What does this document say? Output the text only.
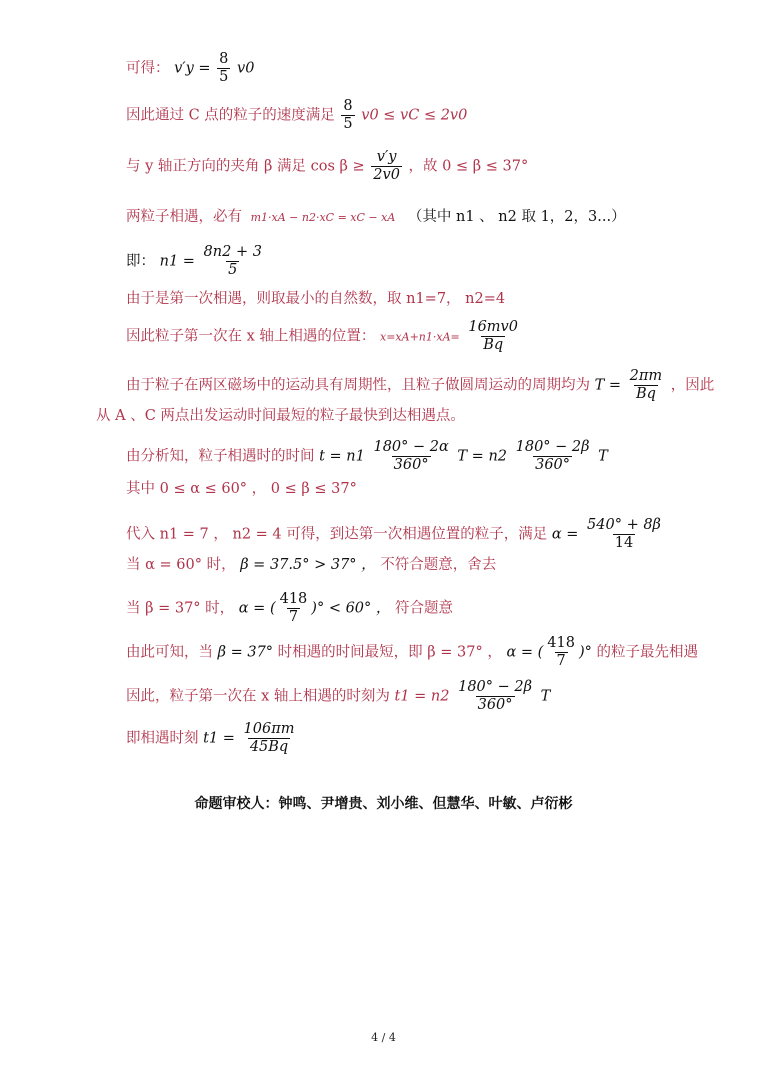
可得： $v'y = \frac{8}{5} v0$
因此通过 C 点的粒子的速度满足 $\frac{8}{5} v0$ ≤ vC ≤ 2v0
与 y 轴正方向的夹角 β 满足 $\cos \beta \ge \frac{v'y}{2v0}$ ，故 0 ≤ β ≤ 37°
两粒子相遇，必有 m1·xA − n2·xC = xC − xA （其中 n1 、 n2 取 1，2，3...）
即： $n1 = \frac{8n2 + 3}{5}$
由于是第一次相遇，则取最小的自然数，取 n1=7， n2=4
因此粒子第一次在 x 轴上相遇的位置： $x=xA+n1\cdot xA= \frac{16mv0}{Bq}$
由于粒子在两区磁场中的运动具有周期性，且粒子做圆周运动的周期均为 $T = \frac{2\pi m}{Bq}$ ，因此
从 A 、C 两点出发运动时间最短的粒子最快到达相遇点。
由分析知，粒子相遇时的时间 $t = n1 \frac{180^\circ - 2\alpha}{360^\circ}$ $T = n2 \frac{180^\circ - 2\beta}{360^\circ}$ T
其中 0 ≤ α ≤ 60° ， 0 ≤ β ≤ 37°
代入 n1 = 7 ， n2 = 4 可得，到达第一次相遇位置的粒子，满足 $\alpha = \frac{540^\circ + 8\beta}{14}$
当 α = 60° 时， β = 37.5° > 37° ， 不符合题意，舍去
当 β = 37° 时， α = ( $\frac{418}{7}$ )° < 60° ， 符合题意
由此可知，当 β = 37° 时相遇的时间最短，即 β = 37° ， α = ( $\frac{418}{7}$ )° 的粒子最先相遇
因此，粒子第一次在 x 轴上相遇的时刻为 $t1 = n2 \frac{180^\circ - 2\beta}{360^\circ}$ T
即相遇时刻 $t1 = \frac{106\pi m}{45Bq}$
命题审校人：钟鸣、尹增贵、刘小维、但慧华、叶敏、卢衍彬
4 / 4
